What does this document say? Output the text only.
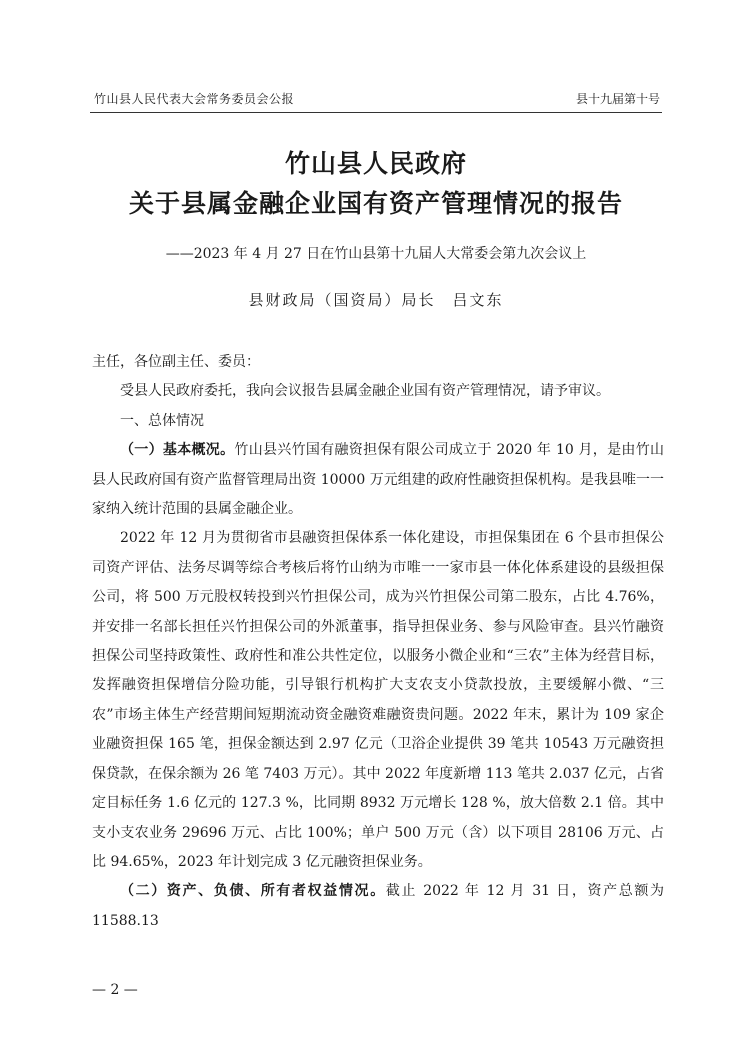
竹山县人民代表大会常务委员会公报	县十九届第十号
竹山县人民政府
关于县属金融企业国有资产管理情况的报告
——2023 年 4 月 27 日在竹山县第十九届人大常委会第九次会议上
县财政局（国资局）局长　吕文东

主任，各位副主任、委员：

受县人民政府委托，我向会议报告县属金融企业国有资产管理情况，请予审议。

一、总体情况

（一）基本概况。竹山县兴竹国有融资担保有限公司成立于 2020 年 10 月，是由竹山县人民政府国有资产监督管理局出资 10000 万元组建的政府性融资担保机构。是我县唯一一家纳入统计范围的县属金融企业。

2022 年 12 月为贯彻省市县融资担保体系一体化建设，市担保集团在 6 个县市担保公司资产评估、法务尽调等综合考核后将竹山纳为市唯一一家市县一体化体系建设的县级担保公司，将 500 万元股权转投到兴竹担保公司，成为兴竹担保公司第二股东，占比 4.76%，并安排一名部长担任兴竹担保公司的外派董事，指导担保业务、参与风险审查。县兴竹融资担保公司坚持政策性、政府性和准公共性定位，以服务小微企业和“三农”主体为经营目标，发挥融资担保增信分险功能，引导银行机构扩大支农支小贷款投放，主要缓解小微、“三农”市场主体生产经营期间短期流动资金融资难融资贵问题。2022 年末，累计为 109 家企业融资担保 165 笔，担保金额达到 2.97 亿元（卫浴企业提供 39 笔共 10543 万元融资担保贷款，在保余额为 26 笔 7403 万元）。其中 2022 年度新增 113 笔共 2.037 亿元，占省定目标任务 1.6 亿元的 127.3 %，比同期 8932 万元增长 128 %，放大倍数 2.1 倍。其中支小支农业务 29696 万元、占比 100%；单户 500 万元（含）以下项目 28106 万元、占比 94.65%，2023 年计划完成 3 亿元融资担保业务。

（二）资产、负债、所有者权益情况。截止 2022 年 12 月 31 日，资产总额为 11588.13

— 2 —
